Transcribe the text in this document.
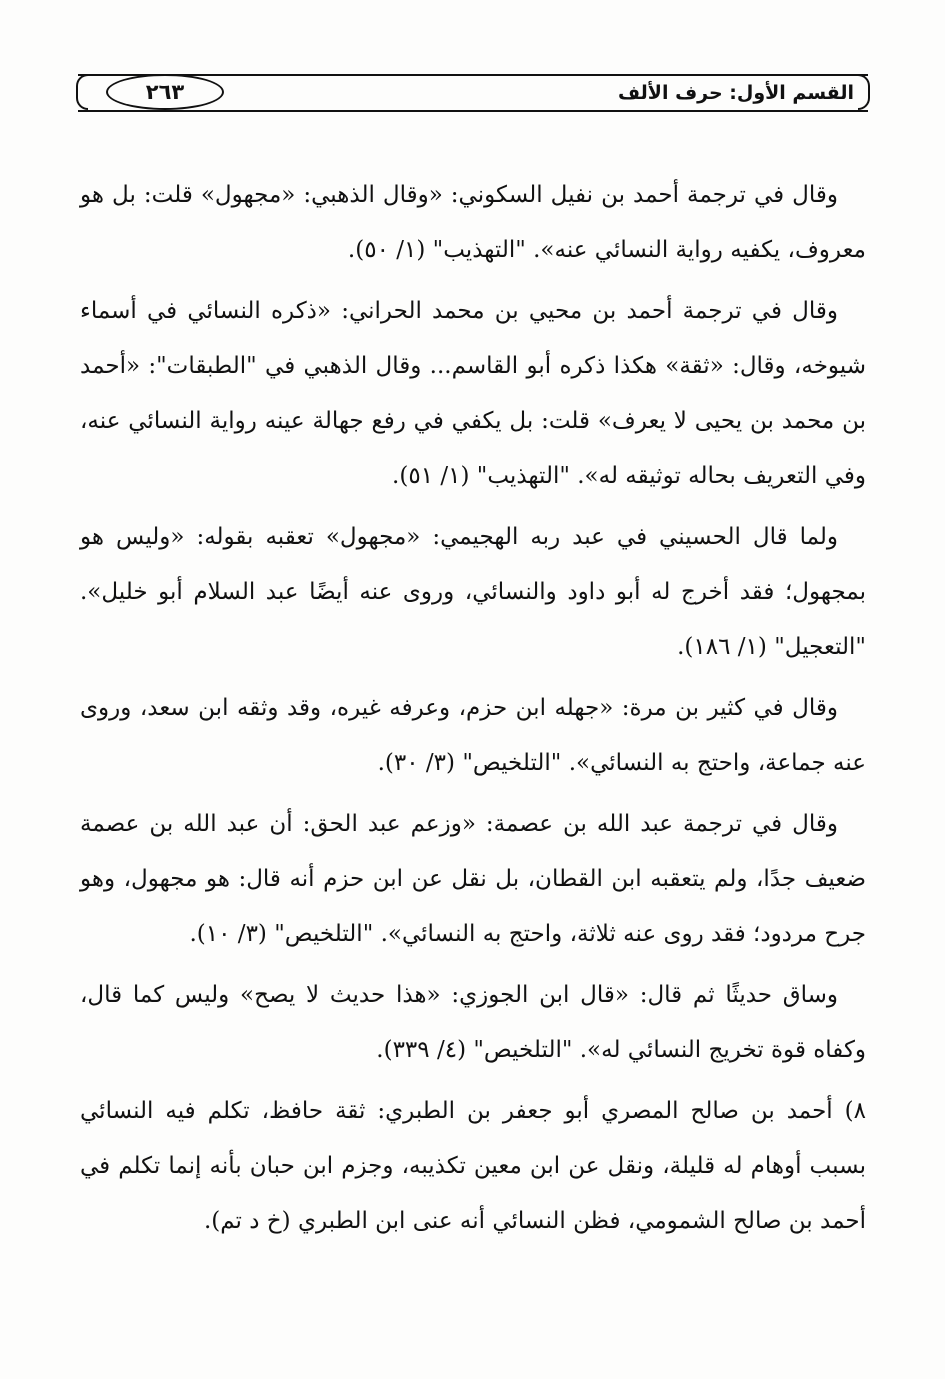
القسم الأول: حرف الألف
٢٦٣

وقال في ترجمة أحمد بن نفيل السكوني: «وقال الذهبي: «مجهول» قلت: بل هو معروف، يكفيه رواية النسائي عنه». "التهذيب" (١/ ٥٠).

وقال في ترجمة أحمد بن محيي بن محمد الحراني: «ذكره النسائي في أسماء شيوخه، وقال: «ثقة» هكذا ذكره أبو القاسم... وقال الذهبي في "الطبقات": «أحمد بن محمد بن يحيى لا يعرف» قلت: بل يكفي في رفع جهالة عينه رواية النسائي عنه، وفي التعريف بحاله توثيقه له». "التهذيب" (١/ ٥١).

ولما قال الحسيني في عبد ربه الهجيمي: «مجهول» تعقبه بقوله: «وليس هو بمجهول؛ فقد أخرج له أبو داود والنسائي، وروى عنه أيضًا عبد السلام أبو خليل». "التعجيل" (١/ ١٨٦).

وقال في كثير بن مرة: «جهله ابن حزم، وعرفه غيره، وقد وثقه ابن سعد، وروى عنه جماعة، واحتج به النسائي». "التلخيص" (٣/ ٣٠).

وقال في ترجمة عبد الله بن عصمة: «وزعم عبد الحق: أن عبد الله بن عصمة ضعيف جدًا، ولم يتعقبه ابن القطان، بل نقل عن ابن حزم أنه قال: هو مجهول، وهو جرح مردود؛ فقد روى عنه ثلاثة، واحتج به النسائي». "التلخيص" (٣/ ١٠).

وساق حديثًا ثم قال: «قال ابن الجوزي: «هذا حديث لا يصح» وليس كما قال، وكفاه قوة تخريج النسائي له». "التلخيص" (٤/ ٣٣٩).

٨) أحمد بن صالح المصري أبو جعفر بن الطبري: ثقة حافظ، تكلم فيه النسائي بسبب أوهام له قليلة، ونقل عن ابن معين تكذيبه، وجزم ابن حبان بأنه إنما تكلم في أحمد بن صالح الشمومي، فظن النسائي أنه عنى ابن الطبري (خ د تم).
